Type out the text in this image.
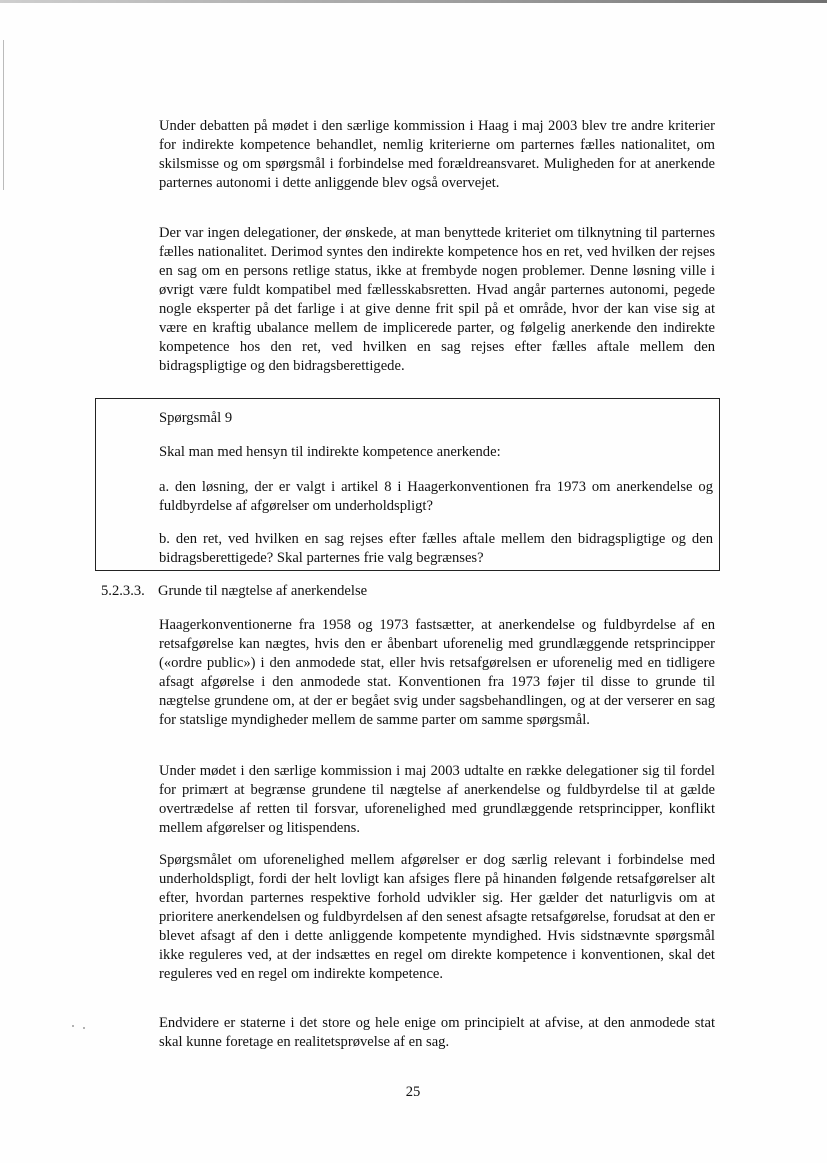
Under debatten på mødet i den særlige kommission i Haag i maj 2003 blev tre andre kriterier for indirekte kompetence behandlet, nemlig kriterierne om parternes fælles nationalitet, om skilsmisse og om spørgsmål i forbindelse med forældreansvaret. Muligheden for at anerkende parternes autonomi i dette anliggende blev også overvejet.

Der var ingen delegationer, der ønskede, at man benyttede kriteriet om tilknytning til parternes fælles nationalitet. Derimod syntes den indirekte kompetence hos en ret, ved hvilken der rejses en sag om en persons retlige status, ikke at frembyde nogen problemer. Denne løsning ville i øvrigt være fuldt kompatibel med fællesskabsretten. Hvad angår parternes autonomi, pegede nogle eksperter på det farlige i at give denne frit spil på et område, hvor der kan vise sig at være en kraftig ubalance mellem de implicerede parter, og følgelig anerkende den indirekte kompetence hos den ret, ved hvilken en sag rejses efter fælles aftale mellem den bidragspligtige og den bidragsberettigede.

Spørgsmål 9

Skal man med hensyn til indirekte kompetence anerkende:

a. den løsning, der er valgt i artikel 8 i Haagerkonventionen fra 1973 om anerkendelse og fuldbyrdelse af afgørelser om underholdspligt?

b. den ret, ved hvilken en sag rejses efter fælles aftale mellem den bidragspligtige og den bidragsberettigede? Skal parternes frie valg begrænses?

5.2.3.3. Grunde til nægtelse af anerkendelse

Haagerkonventionerne fra 1958 og 1973 fastsætter, at anerkendelse og fuldbyrdelse af en retsafgørelse kan nægtes, hvis den er åbenbart uforenelig med grundlæggende retsprincipper («ordre public») i den anmodede stat, eller hvis retsafgørelsen er uforenelig med en tidligere afsagt afgørelse i den anmodede stat. Konventionen fra 1973 føjer til disse to grunde til nægtelse grundene om, at der er begået svig under sagsbehandlingen, og at der verserer en sag for statslige myndigheder mellem de samme parter om samme spørgsmål.

Under mødet i den særlige kommission i maj 2003 udtalte en række delegationer sig til fordel for primært at begrænse grundene til nægtelse af anerkendelse og fuldbyrdelse til at gælde overtrædelse af retten til forsvar, uforenelighed med grundlæggende retsprincipper, konflikt mellem afgørelser og litispendens.

Spørgsmålet om uforenelighed mellem afgørelser er dog særlig relevant i forbindelse med underholdspligt, fordi der helt lovligt kan afsiges flere på hinanden følgende retsafgørelser alt efter, hvordan parternes respektive forhold udvikler sig. Her gælder det naturligvis om at prioritere anerkendelsen og fuldbyrdelsen af den senest afsagte retsafgørelse, forudsat at den er blevet afsagt af den i dette anliggende kompetente myndighed. Hvis sidstnævnte spørgsmål ikke reguleres ved, at der indsættes en regel om direkte kompetence i konventionen, skal det reguleres ved en regel om indirekte kompetence.

Endvidere er staterne i det store og hele enige om principielt at afvise, at den anmodede stat skal kunne foretage en realitetsprøvelse af en sag.

25
